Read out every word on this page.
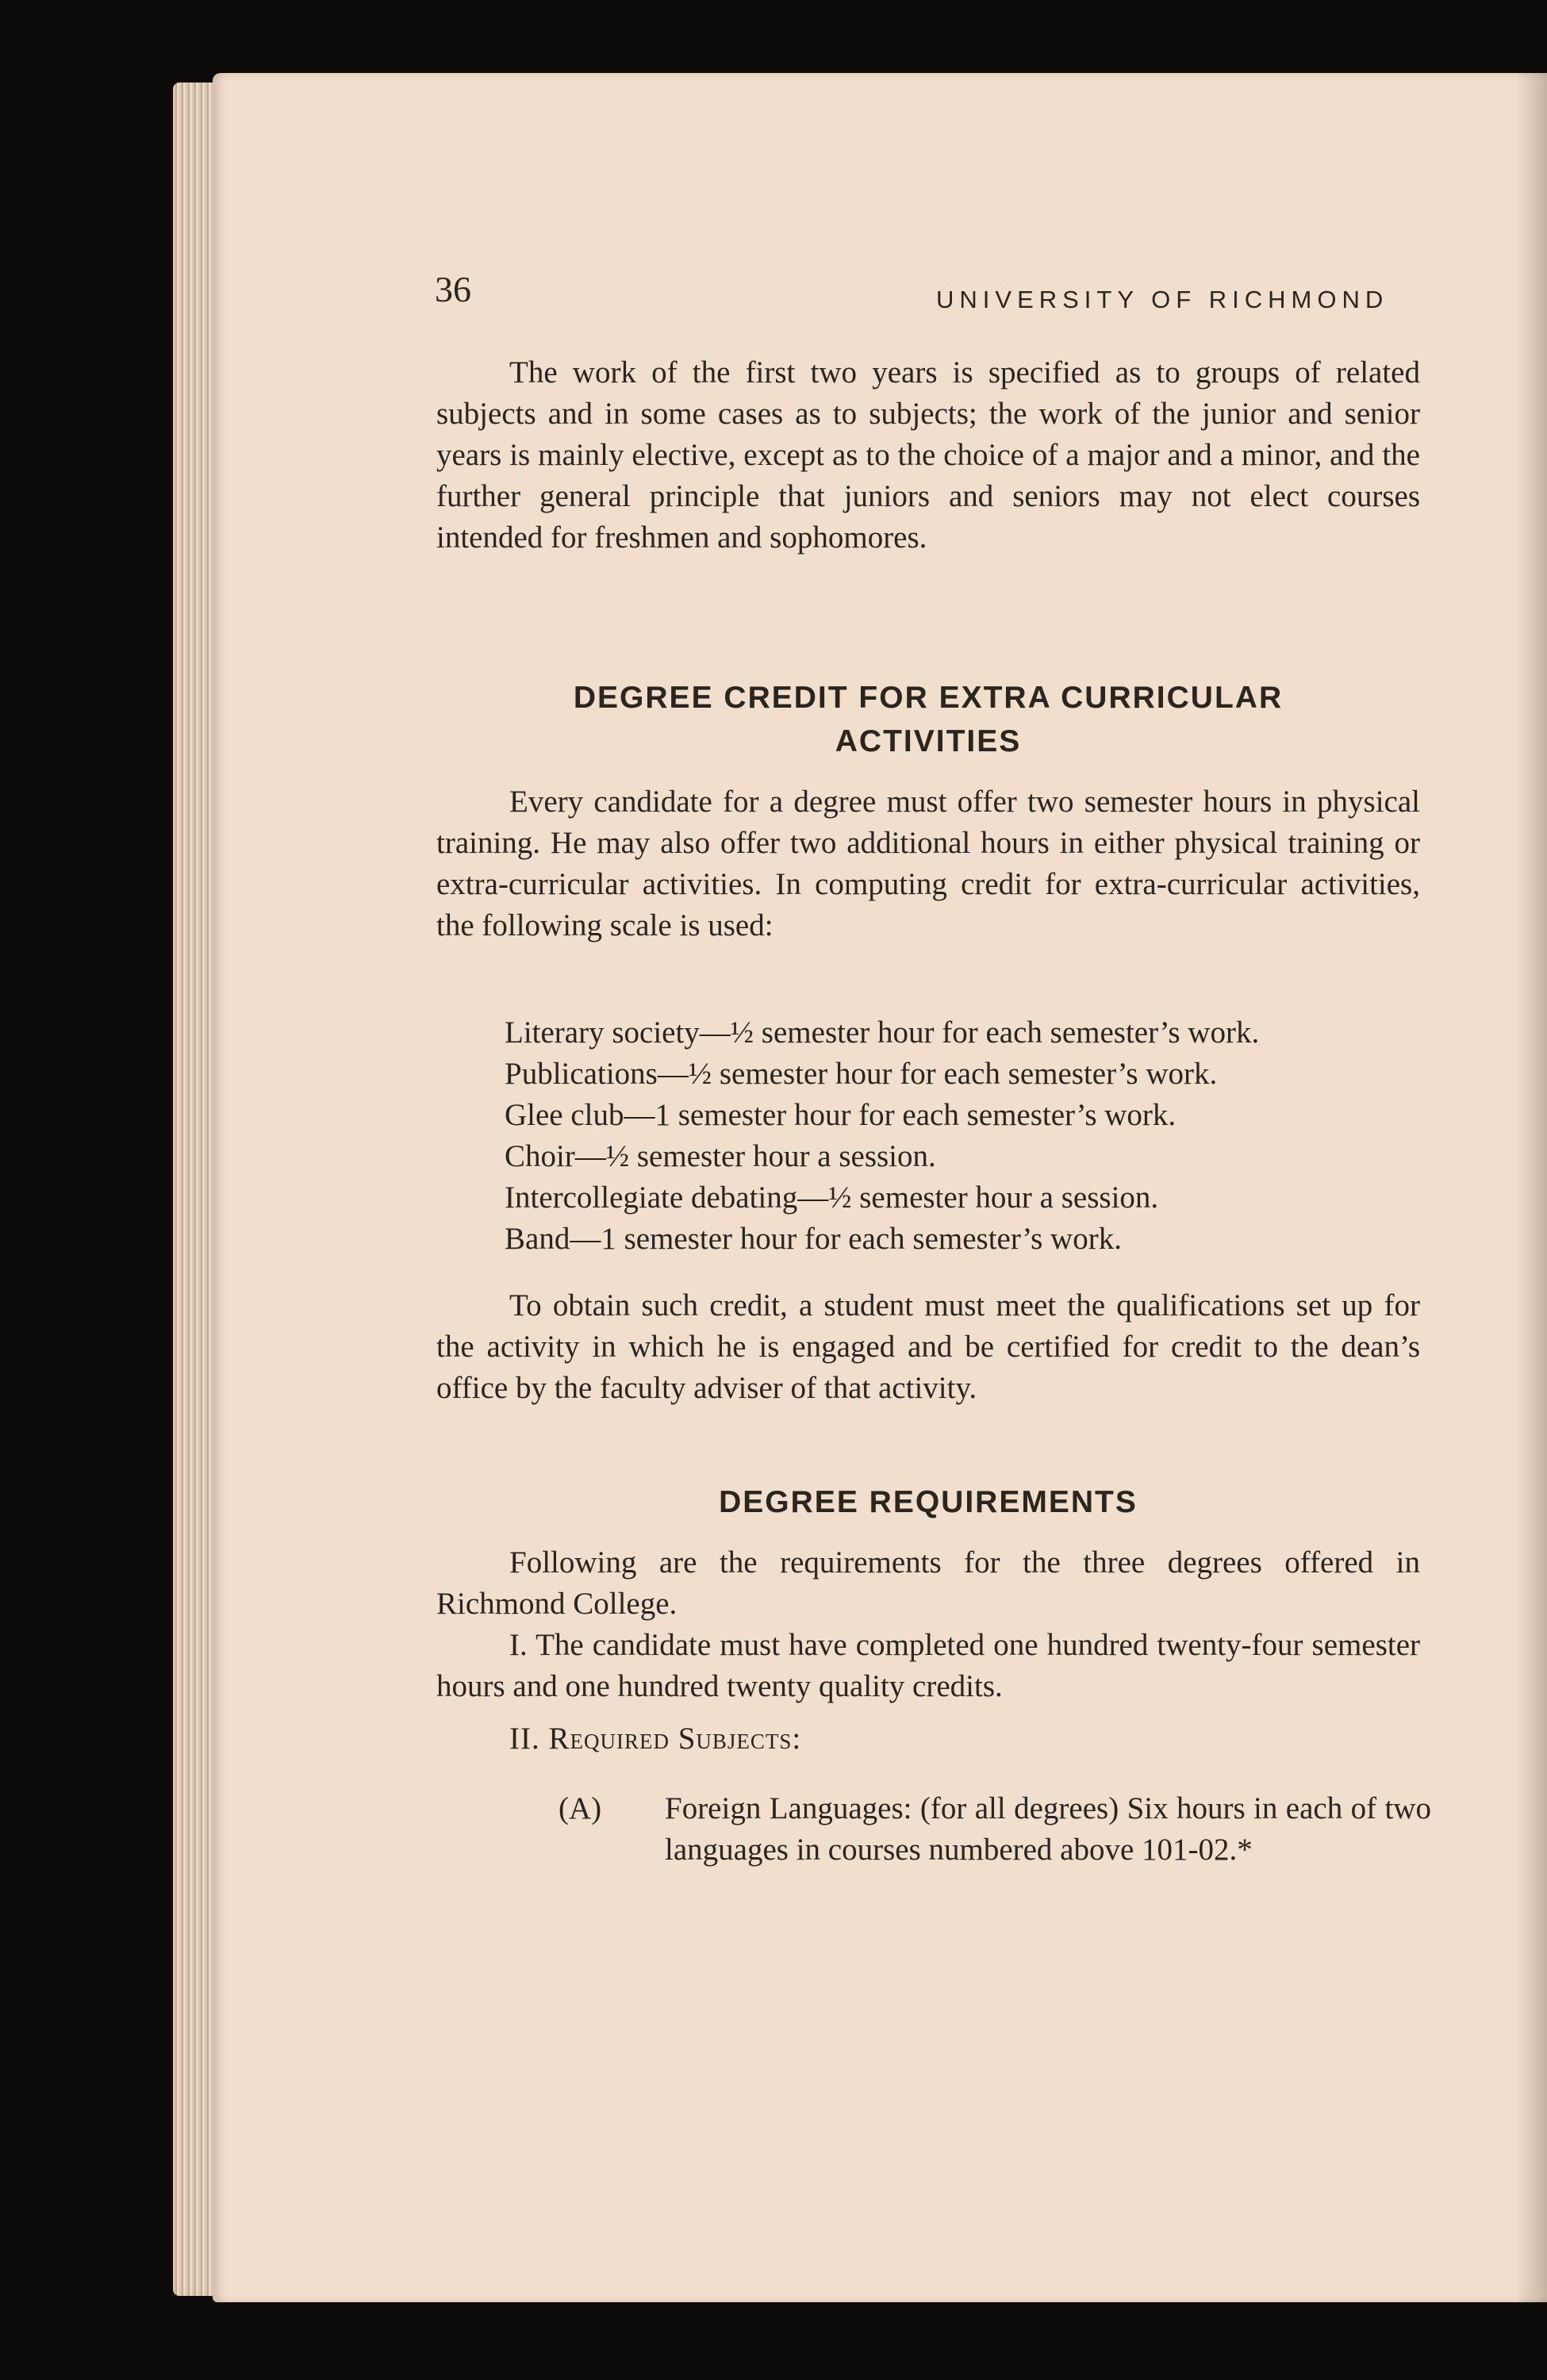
36	UNIVERSITY OF RICHMOND

The work of the first two years is specified as to groups of related subjects and in some cases as to subjects; the work of the junior and senior years is mainly elective, except as to the choice of a major and a minor, and the further general principle that juniors and seniors may not elect courses intended for freshmen and sophomores.

DEGREE CREDIT FOR EXTRA CURRICULAR
ACTIVITIES

Every candidate for a degree must offer two semester hours in physical training. He may also offer two additional hours in either physical training or extra-curricular activities. In computing credit for extra-curricular activities, the following scale is used:

Literary society—½ semester hour for each semester’s work.
Publications—½ semester hour for each semester’s work.
Glee club—1 semester hour for each semester’s work.
Choir—½ semester hour a session.
Intercollegiate debating—½ semester hour a session.
Band—1 semester hour for each semester’s work.

To obtain such credit, a student must meet the qualifications set up for the activity in which he is engaged and be certified for credit to the dean’s office by the faculty adviser of that activity.

DEGREE REQUIREMENTS

Following are the requirements for the three degrees offered in Richmond College.

I. The candidate must have completed one hundred twenty-four semester hours and one hundred twenty quality credits.

II. Required Subjects:

(A) Foreign Languages: (for all degrees) Six hours in each of two languages in courses numbered above 101-02.*
